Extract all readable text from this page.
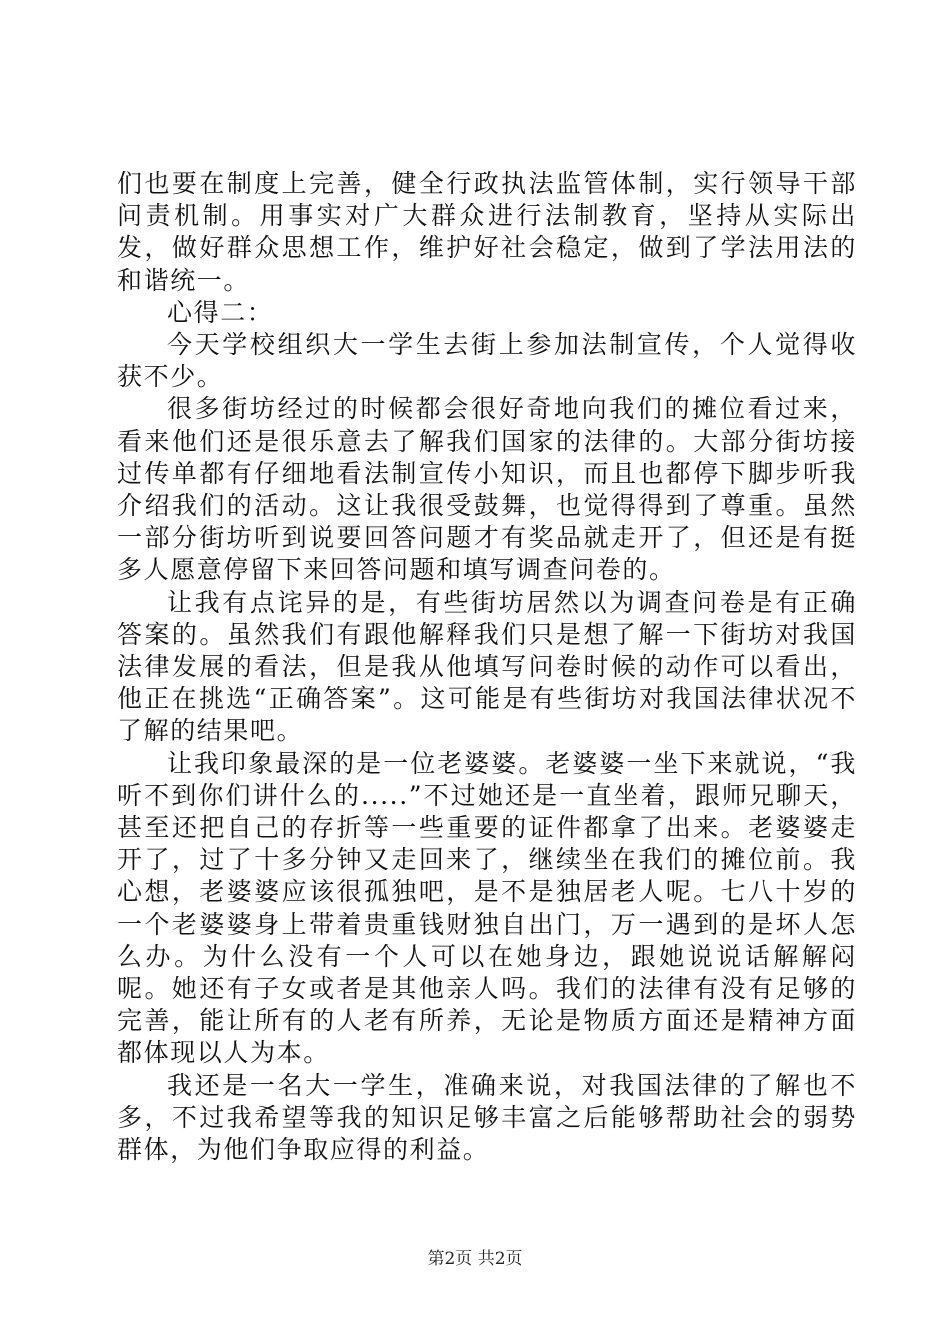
们也要在制度上完善，健全行政执法监管体制，实行领导干部问责机制。用事实对广大群众进行法制教育，坚持从实际出发，做好群众思想工作，维护好社会稳定，做到了学法用法的和谐统一。

心得二：

今天学校组织大一学生去街上参加法制宣传，个人觉得收获不少。

很多街坊经过的时候都会很好奇地向我们的摊位看过来，看来他们还是很乐意去了解我们国家的法律的。大部分街坊接过传单都有仔细地看法制宣传小知识，而且也都停下脚步听我介绍我们的活动。这让我很受鼓舞，也觉得得到了尊重。虽然一部分街坊听到说要回答问题才有奖品就走开了，但还是有挺多人愿意停留下来回答问题和填写调查问卷的。

让我有点诧异的是，有些街坊居然以为调查问卷是有正确答案的。虽然我们有跟他解释我们只是想了解一下街坊对我国法律发展的看法，但是我从他填写问卷时候的动作可以看出，他正在挑选“正确答案”。这可能是有些街坊对我国法律状况不了解的结果吧。

让我印象最深的是一位老婆婆。老婆婆一坐下来就说，“我听不到你们讲什么的.....”不过她还是一直坐着，跟师兄聊天，甚至还把自己的存折等一些重要的证件都拿了出来。老婆婆走开了，过了十多分钟又走回来了，继续坐在我们的摊位前。我心想，老婆婆应该很孤独吧，是不是独居老人呢。七八十岁的一个老婆婆身上带着贵重钱财独自出门，万一遇到的是坏人怎么办。为什么没有一个人可以在她身边，跟她说说话解解闷呢。她还有子女或者是其他亲人吗。我们的法律有没有足够的完善，能让所有的人老有所养，无论是物质方面还是精神方面都体现以人为本。

我还是一名大一学生，准确来说，对我国法律的了解也不多，不过我希望等我的知识足够丰富之后能够帮助社会的弱势群体，为他们争取应得的利益。

第2页 共2页
